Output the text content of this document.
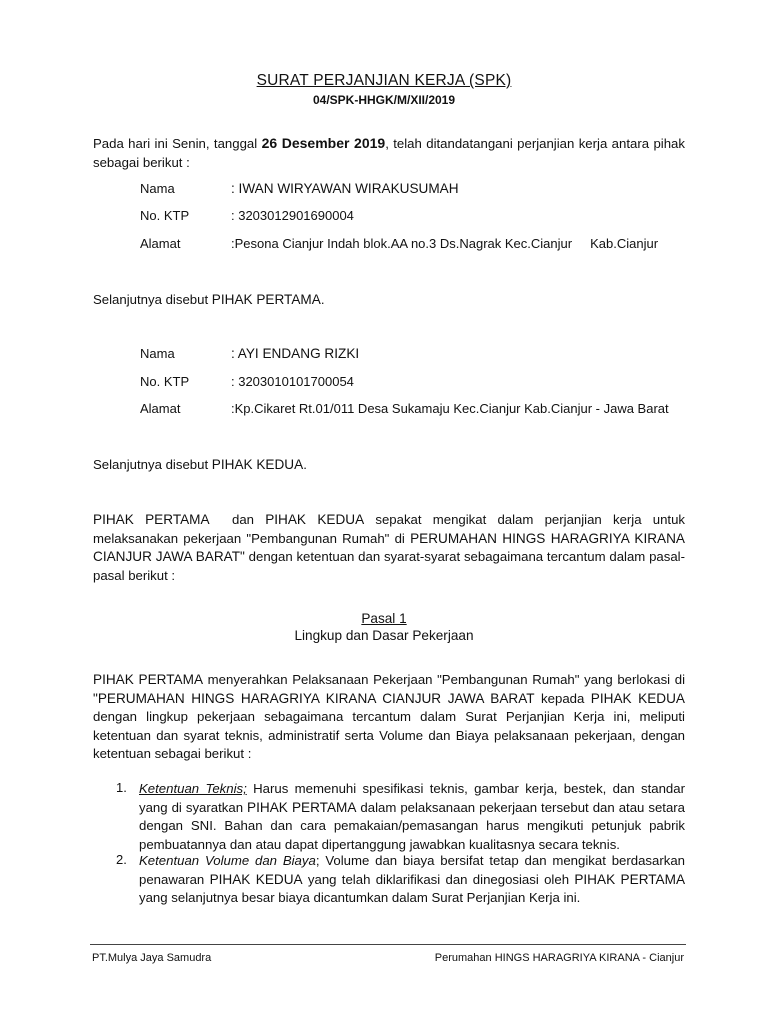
SURAT PERJANJIAN KERJA (SPK)
04/SPK-HHGK/M/XII/2019
Pada hari ini Senin, tanggal 26 Desember 2019, telah ditandatangani perjanjian kerja antara pihak sebagai berikut :
Nama	: IWAN WIRYAWAN WIRAKUSUMAH
No. KTP	: 3203012901690004
Alamat	:Pesona Cianjur Indah blok.AA no.3 Ds.Nagrak Kec.Cianjur     Kab.Cianjur
Selanjutnya disebut PIHAK PERTAMA.
Nama	: AYI ENDANG RIZKI
No. KTP	: 3203010101700054
Alamat	:Kp.Cikaret Rt.01/011 Desa Sukamaju Kec.Cianjur Kab.Cianjur - Jawa Barat
Selanjutnya disebut PIHAK KEDUA.
PIHAK PERTAMA  dan PIHAK KEDUA sepakat mengikat dalam perjanjian kerja untuk melaksanakan pekerjaan "Pembangunan Rumah" di PERUMAHAN HINGS HARAGRIYA KIRANA CIANJUR JAWA BARAT" dengan ketentuan dan syarat-syarat sebagaimana tercantum dalam pasal-pasal berikut :
Pasal 1
Lingkup dan Dasar Pekerjaan
PIHAK PERTAMA menyerahkan Pelaksanaan Pekerjaan "Pembangunan Rumah" yang berlokasi di "PERUMAHAN HINGS HARAGRIYA KIRANA CIANJUR JAWA BARAT kepada PIHAK KEDUA dengan lingkup pekerjaan sebagaimana tercantum dalam Surat Perjanjian Kerja ini, meliputi ketentuan dan syarat teknis, administratif serta Volume dan Biaya pelaksanaan pekerjaan, dengan ketentuan sebagai berikut :
1. Ketentuan Teknis; Harus memenuhi spesifikasi teknis, gambar kerja, bestek, dan standar yang di syaratkan PIHAK PERTAMA dalam pelaksanaan pekerjaan tersebut dan atau setara dengan SNI. Bahan dan cara pemakaian/pemasangan harus mengikuti petunjuk pabrik pembuatannya dan atau dapat dipertanggung jawabkan kualitasnya secara teknis.
2. Ketentuan Volume dan Biaya; Volume dan biaya bersifat tetap dan mengikat berdasarkan penawaran PIHAK KEDUA yang telah diklarifikasi dan dinegosiasi oleh PIHAK PERTAMA yang selanjutnya besar biaya dicantumkan dalam Surat Perjanjian Kerja ini.
PT.Mulya Jaya Samudra	Perumahan HINGS HARAGRIYA KIRANA - Cianjur
